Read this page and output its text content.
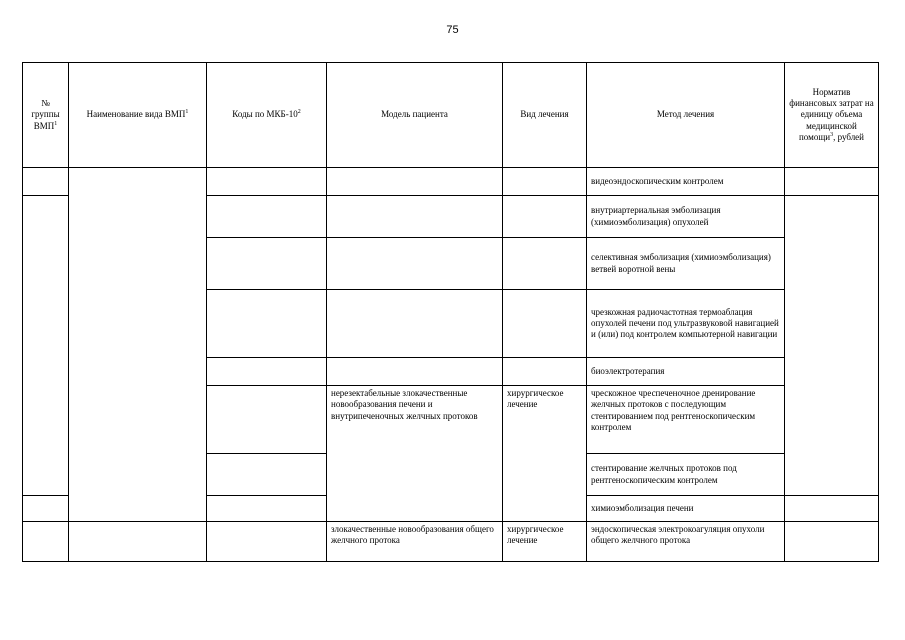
75
№ группы ВМП$^1$	Наименование вида ВМП$^1$	Коды по МКБ-$10^2$	Модель пациента	Вид лечения	Метод лечения	Норматив финансовых затрат на единицу объема медицинской помощи$^3$, рублей
					видеоэндоскопическим контролем	
					внутриартериальная эмболизация (химиоэмболизация) опухолей	
					селективная эмболизация (химиоэмболизация) ветвей воротной вены	
					чрезкожная радиочастотная термоаблация опухолей печени под ультразвуковой навигацией и (или) под контролем компьютерной навигации	
					биоэлектротерапия	
			нерезектабельные злокачественные новообразования печени и внутрипеченочных желчных протоков	хирургическое лечение	чрескожное чреспеченочное дренирование желчных протоков с последующим стентированием под рентгеноскопическим контролем	
					стентирование желчных протоков под рентгеноскопическим контролем	
					химиоэмболизация печени	
			злокачественные новообразования общего желчного протока	хирургическое лечение	эндоскопическая электрокоагуляция опухоли общего желчного протока	
